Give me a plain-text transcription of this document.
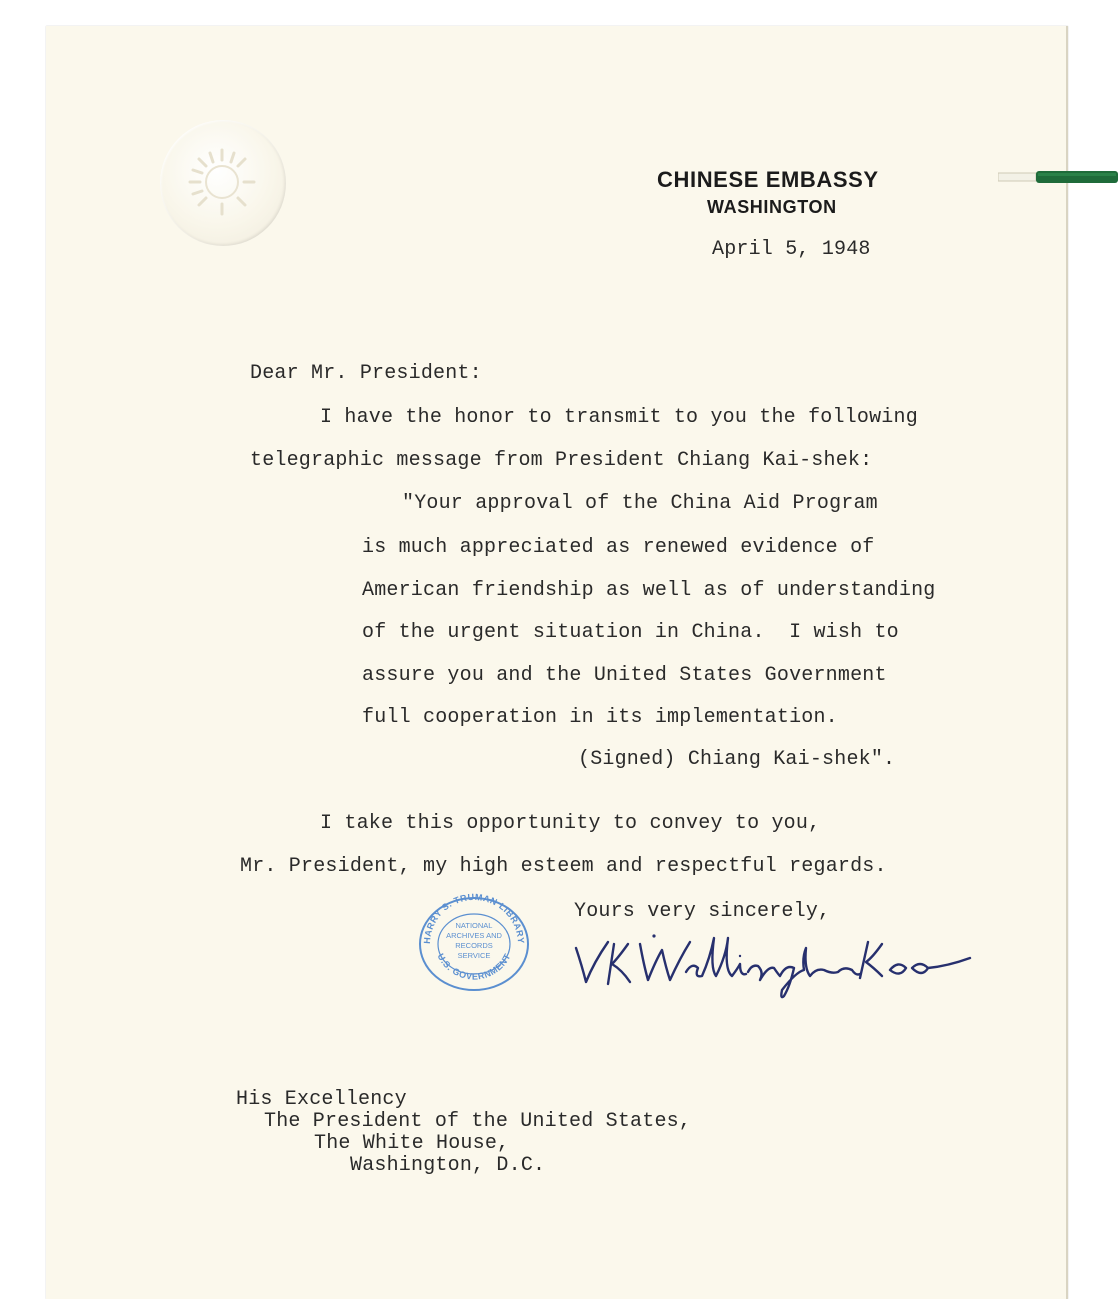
CHINESE EMBASSY
WASHINGTON
April 5, 1948
Dear Mr. President:
I have the honor to transmit to you the following
telegraphic message from President Chiang Kai-shek:
"Your approval of the China Aid Program
is much appreciated as renewed evidence of
American friendship as well as of understanding
of the urgent situation in China.  I wish to
assure you and the United States Government
full cooperation in its implementation.
(Signed) Chiang Kai-shek".
I take this opportunity to convey to you,
Mr. President, my high esteem and respectful regards.
Yours very sincerely,
HARRY S. TRUMAN LIBRARY
U.S. GOVERNMENT
NATIONAL
ARCHIVES AND
RECORDS
SERVICE
His Excellency
The President of the United States,
The White House,
Washington, D.C.
